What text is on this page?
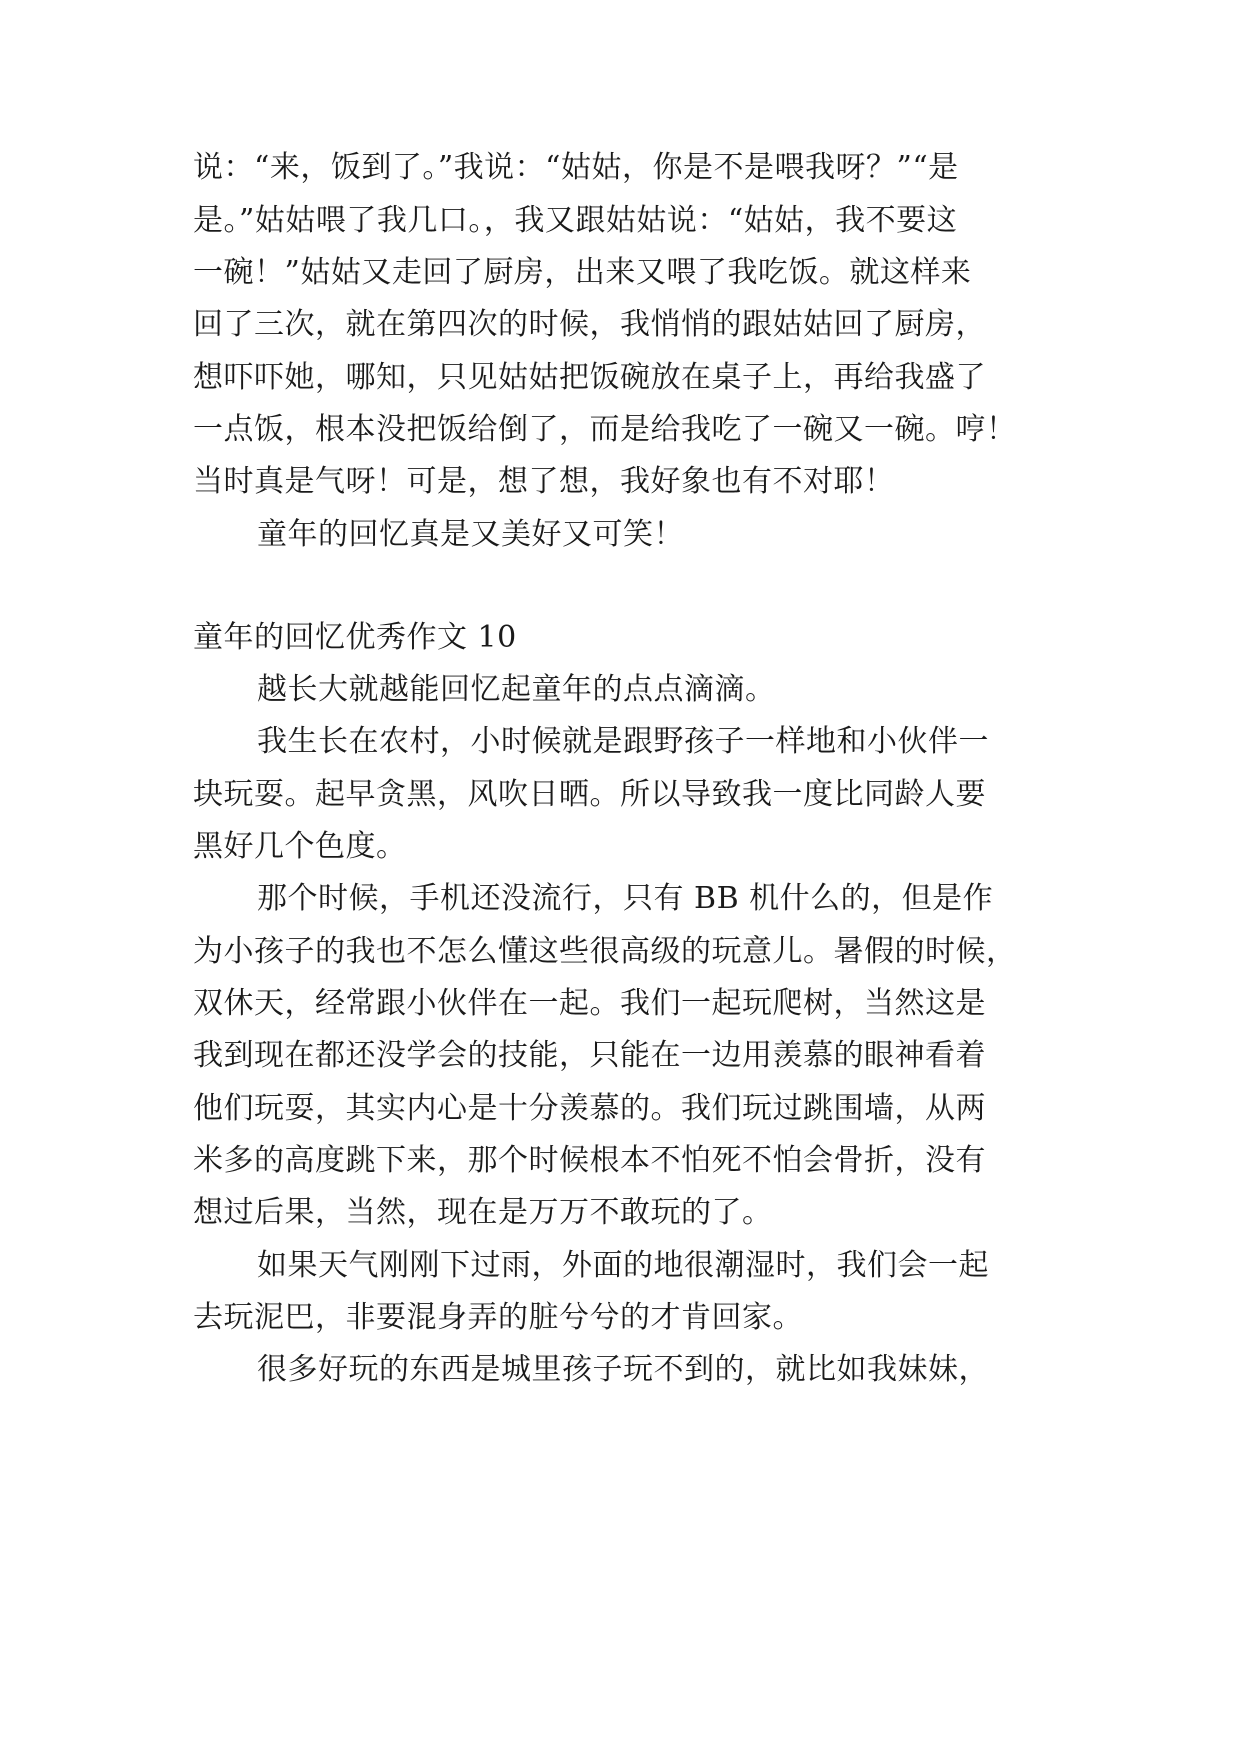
说：“来，饭到了。”我说：“姑姑，你是不是喂我呀？”“是
是。”姑姑喂了我几口。，我又跟姑姑说：“姑姑，我不要这
一碗！”姑姑又走回了厨房，出来又喂了我吃饭。就这样来
回了三次，就在第四次的时候，我悄悄的跟姑姑回了厨房，
想吓吓她，哪知，只见姑姑把饭碗放在桌子上，再给我盛了
一点饭，根本没把饭给倒了，而是给我吃了一碗又一碗。哼！
当时真是气呀！可是，想了想，我好象也有不对耶！
童年的回忆真是又美好又可笑！
童年的回忆优秀作文 10
越长大就越能回忆起童年的点点滴滴。
我生长在农村，小时候就是跟野孩子一样地和小伙伴一
块玩耍。起早贪黑，风吹日晒。所以导致我一度比同龄人要
黑好几个色度。
那个时候，手机还没流行，只有 BB 机什么的，但是作
为小孩子的我也不怎么懂这些很高级的玩意儿。暑假的时候，
双休天，经常跟小伙伴在一起。我们一起玩爬树，当然这是
我到现在都还没学会的技能，只能在一边用羡慕的眼神看着
他们玩耍，其实内心是十分羡慕的。我们玩过跳围墙，从两
米多的高度跳下来，那个时候根本不怕死不怕会骨折，没有
想过后果，当然，现在是万万不敢玩的了。
如果天气刚刚下过雨，外面的地很潮湿时，我们会一起
去玩泥巴，非要混身弄的脏兮兮的才肯回家。
很多好玩的东西是城里孩子玩不到的，就比如我妹妹，
